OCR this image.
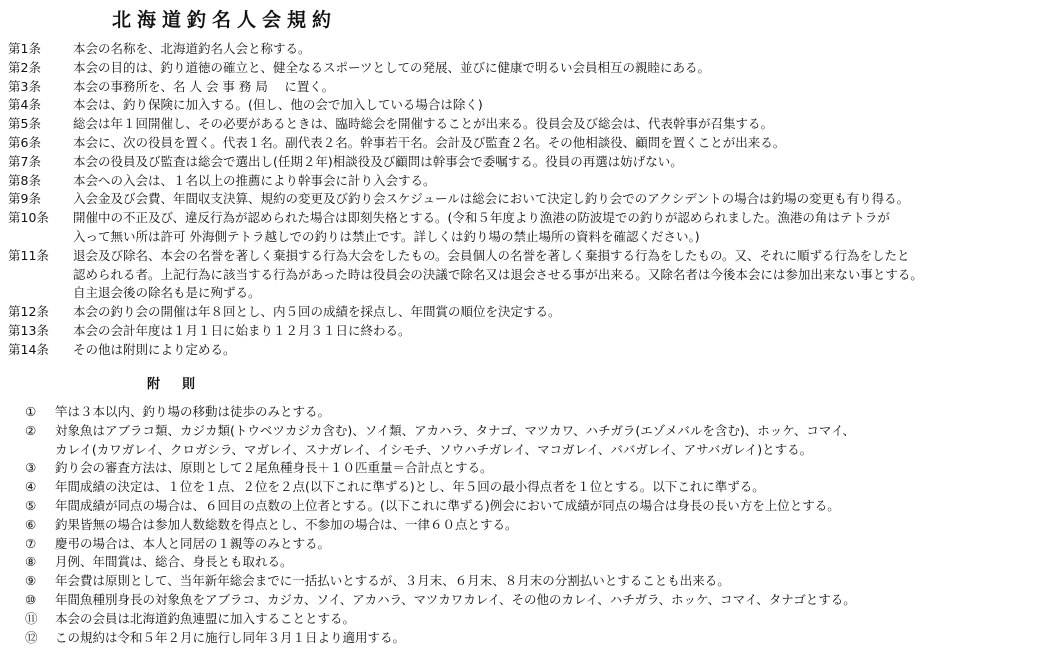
北海道釣名人会規約
第1条	本会の名称を、北海道釣名人会と称する。
第2条	本会の目的は、釣り道徳の確立と、健全なるスポーツとしての発展、並びに健康で明るい会員相互の親睦にある。
第3条	本会の事務所を、名 人 会 事 務 局　 に置く。
第4条	本会は、釣り保険に加入する。(但し、他の会で加入している場合は除く)
第5条	総会は年１回開催し、その必要があるときは、臨時総会を開催することが出来る。役員会及び総会は、代表幹事が召集する。
第6条	本会に、次の役員を置く。代表１名。副代表２名。幹事若干名。会計及び監査２名。その他相談役、顧問を置くことが出来る。
第7条	本会の役員及び監査は総会で選出し(任期２年)相談役及び顧問は幹事会で委嘱する。役員の再選は妨げない。
第8条	本会への入会は、１名以上の推薦により幹事会に計り入会する。
第9条	入会金及び会費、年間収支決算、規約の変更及び釣り会スケジュールは総会において決定し釣り会でのアクシデントの場合は釣場の変更も有り得る。
第10条	開催中の不正及び、違反行為が認められた場合は即刻失格とする。(令和５年度より漁港の防波堤での釣りが認められました。漁港の角はテトラが
入って無い所は許可 外海側テトラ越しでの釣りは禁止です。詳しくは釣り場の禁止場所の資料を確認ください。)
第11条	退会及び除名、本会の名誉を著しく棄損する行為大会をしたもの。会員個人の名誉を著しく棄損する行為をしたもの。又、それに順ずる行為をしたと
認められる者。上記行為に該当する行為があった時は役員会の決議で除名又は退会させる事が出来る。又除名者は今後本会には参加出来ない事とする。
自主退会後の除名も是に殉ずる。
第12条	本会の釣り会の開催は年８回とし、内５回の成績を採点し、年間賞の順位を決定する。
第13条	本会の会計年度は１月１日に始まり１２月３１日に終わる。
第14条	その他は附則により定める。
附則
①	竿は３本以内、釣り場の移動は徒歩のみとする。
②	対象魚はアブラコ類、カジカ類(トウベツカジカ含む)、ソイ類、アカハラ、タナゴ、マツカワ、ハチガラ(エゾメバルを含む)、ホッケ、コマイ、
カレイ(カワガレイ、クロガシラ、マガレイ、スナガレイ、イシモチ、ソウハチガレイ、マコガレイ、ババガレイ、アサバガレイ)とする。
③	釣り会の審査方法は、原則として２尾魚種身長＋１０匹重量＝合計点とする。
④	年間成績の決定は、１位を１点、２位を２点(以下これに準ずる)とし、年５回の最小得点者を１位とする。以下これに準ずる。
⑤	年間成績が同点の場合は、６回目の点数の上位者とする。(以下これに準ずる)例会において成績が同点の場合は身長の長い方を上位とする。
⑥	釣果皆無の場合は参加人数総数を得点とし、不参加の場合は、一律６０点とする。
⑦	慶弔の場合は、本人と同居の１親等のみとする。
⑧	月例、年間賞は、総合、身長とも取れる。
⑨	年会費は原則として、当年新年総会までに一括払いとするが、３月末、６月末、８月末の分割払いとすることも出来る。
⑩	年間魚種別身長の対象魚をアブラコ、カジカ、ソイ、アカハラ、マツカワカレイ、その他のカレイ、ハチガラ、ホッケ、コマイ、タナゴとする。
⑪	本会の会員は北海道釣魚連盟に加入することとする。
⑫	この規約は令和５年２月に施行し同年３月１日より適用する。
